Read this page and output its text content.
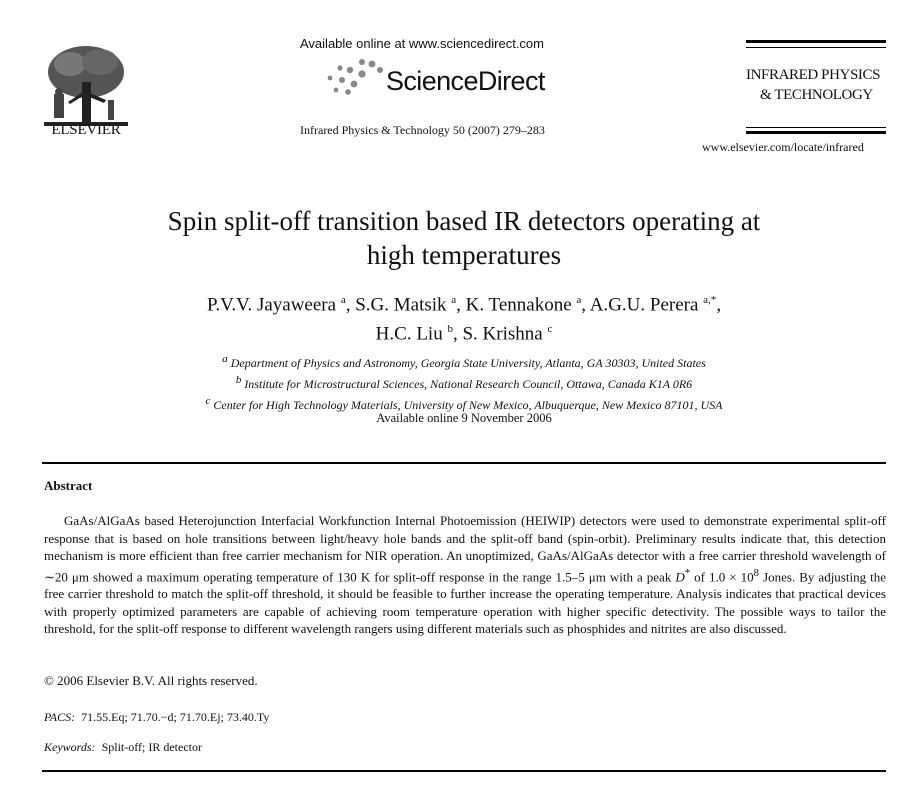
ELSEVIER
Available online at www.sciencedirect.com
ScienceDirect
Infrared Physics & Technology 50 (2007) 279–283
INFRARED PHYSICS
& TECHNOLOGY
www.elsevier.com/locate/infrared
Spin split-off transition based IR detectors operating at
high temperatures
P.V.V. Jayaweera $^a$, S.G. Matsik $^a$, K. Tennakone $^a$, A.G.U. Perera $^{a,*}$,
H.C. Liu $^b$, S. Krishna $^c$
$^a$ Department of Physics and Astronomy, Georgia State University, Atlanta, GA 30303, United States
$^b$ Institute for Microstructural Sciences, National Research Council, Ottawa, Canada K1A 0R6
$^c$ Center for High Technology Materials, University of New Mexico, Albuquerque, New Mexico 87101, USA
Available online 9 November 2006
Abstract

GaAs/AlGaAs based Heterojunction Interfacial Workfunction Internal Photoemission (HEIWIP) detectors were used to demonstrate experimental split-off response that is based on hole transitions between light/heavy hole bands and the split-off band (spin-orbit). Preliminary results indicate that, this detection mechanism is more efficient than free carrier mechanism for NIR operation. An unoptimized, GaAs/AlGaAs detector with a free carrier threshold wavelength of ∼20 μm showed a maximum operating temperature of 130 K for split-off response in the range 1.5–5 μm with a peak D* of $1.0 \times 10^8$ Jones. By adjusting the free carrier threshold to match the split-off threshold, it should be feasible to further increase the operating temperature. Analysis indicates that practical devices with properly optimized parameters are capable of achieving room temperature operation with higher specific detectivity. The possible ways to tailor the threshold, for the split-off response to different wavelength rangers using different materials such as phosphides and nitrites are also discussed.

© 2006 Elsevier B.V. All rights reserved.
PACS: 71.55.Eq; 71.70.−d; 71.70.Ej; 73.40.Ty
Keywords: Split-off; IR detector
